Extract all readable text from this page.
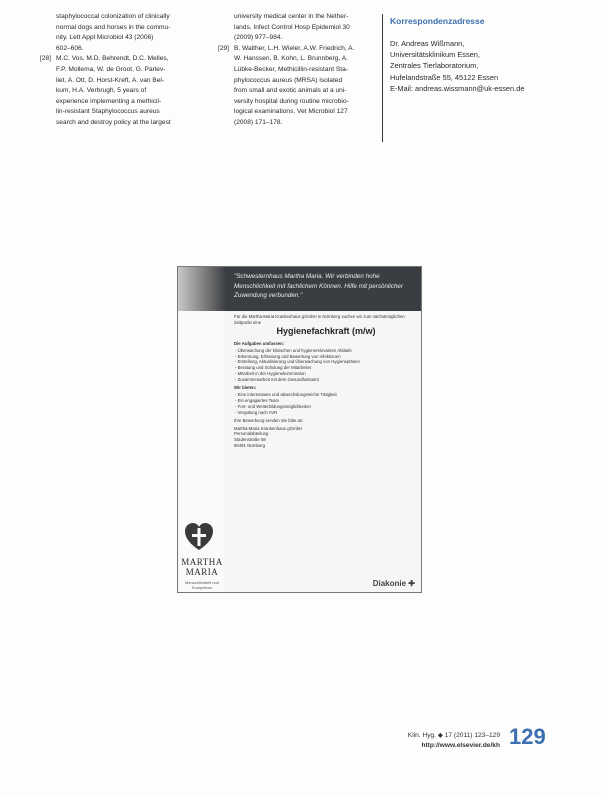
staphylococcal colonization of clinically
normal dogs and horses in the commu-
nity. Lett Appl Microbiol 43 (2006)
602–606.
[28] M.C. Vos, M.D. Behrendt, D.C. Melles,
F.P. Mollema, W. de Groot, G. Parlev-
liet, A. Ott, D. Horst-Kreft, A. van Bel-
kum, H.A. Verbrugh, 5 years of
experience implementing a methicil-
lin-resistant Staphylococcus aureus
search and destroy policy at the largest
university medical center in the Nether-
lands. Infect Control Hosp Epidemiol 30
(2009) 977–984.
[29] B. Walther, L.H. Wieler, A.W. Friedrich, A.
W. Hanssen, B. Kohn, L. Brunnberg, A.
Lübke-Becker, Methicillin-resistant Sta-
phylococcus aureus (MRSA) isolated
from small and exotic animals at a uni-
versity hospital during routine microbio-
logical examinations. Vet Microbiol 127
(2008) 171–178.
Korrespondenzadresse
Dr. Andreas Wißmann,
Universitätsklinikum Essen,
Zentrales Tierlaboratorium,
Hufelandstraße 55, 45122 Essen
E-Mail: andreas.wissmann@uk-essen.de
"Schwesternhaus Martha Maria. Wir verbinden hohe Menschlichkeit mit fachlichem Können. Hilfe mit persönlicher Zuwendung verbunden."
MARTHA
MARIA
Menschlichkeit und Kompetenz
Für die Martha-Maria Krankenhaus gGmbH in Nürnberg suchen wir zum nächstmöglichen Zeitpunkt eine
Hygienefachkraft (m/w)
Die Aufgaben umfassen:
- Überwachung der klinischen und hygienerelevanten Abläufe
- Erkennung, Erfassung und Bewertung von Infektionen
- Erstellung, Aktualisierung und Überwachung von Hygieneplänen
- Beratung und Schulung der Mitarbeiter
- Mitarbeit in der Hygienekommission
- Zusammenarbeit mit dem Gesundheitsamt
Wir bieten:
- Eine interessante und abwechslungsreiche Tätigkeit
- Ein engagiertes Team
- Fort- und Weiterbildungsmöglichkeiten
- Vergütung nach AVR
Ihre Bewerbung senden Sie bitte an:
Martha-Maria Krankenhaus gGmbH
Personalabteilung
Stadenstraße 58
90491 Nürnberg
Diakonie ✚
Klin. Hyg. ◆ 17 (2011) 123–129
http://www.elsevier.de/kh 129
